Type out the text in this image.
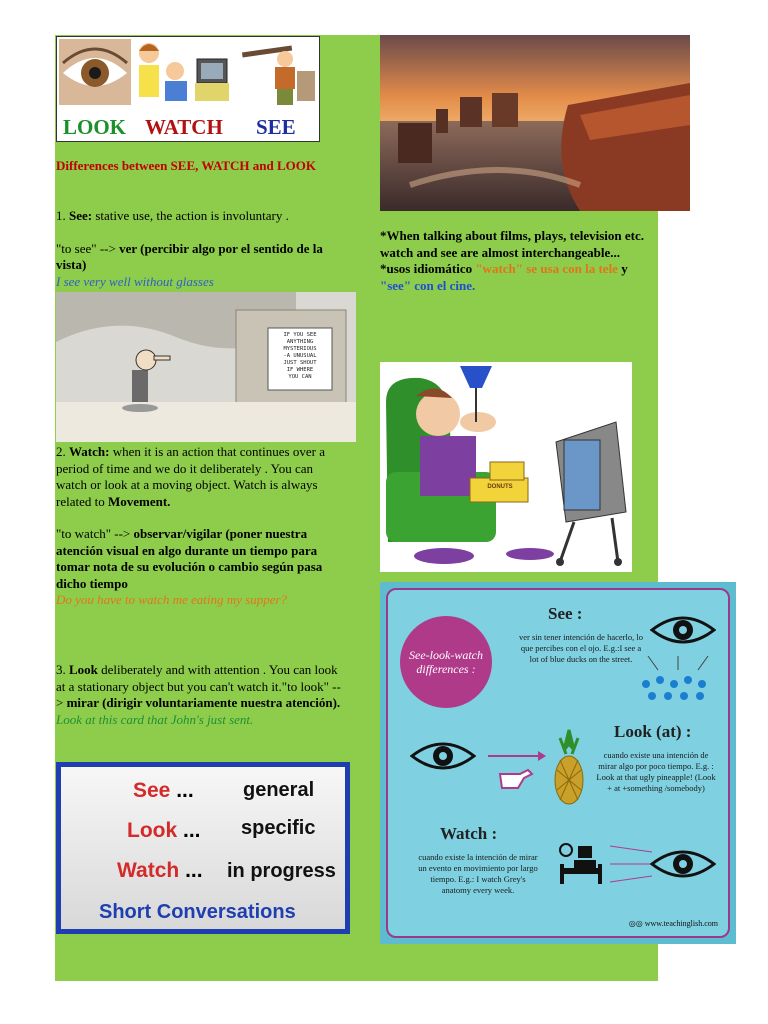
LOOK WATCH SEE
Differences between SEE, WATCH and LOOK
1. See: stative use, the action is involuntary .
"to see" --> ver (percibir algo por el sentido de la vista)
I see very well without glasses
IF YOU SEE
ANYTHING
MYSTERIOUS
-A UNUSUAL
JUST SHOUT
IF WHERE
YOU CAN
2. Watch: when it is an action that continues over a period of time and we do it deliberately . You can watch or look at a moving object. Watch is always related to Movement.
"to watch" --> observar/vigilar (poner nuestra atención visual en algo durante un tiempo para tomar nota de su evolución o cambio según pasa dicho tiempo
Do you have to watch me eating my supper?
3. Look deliberately and with attention . You can look at a stationary object but you can't watch it."to look" --> mirar (dirigir voluntariamente nuestra atención).
Look at this card that John's just sent.
See ... general
Look ... specific
Watch ... in progress
Short Conversations
*When talking about films, plays, television etc. watch and see are almost interchangeable...
*usos idiomático "watch" se usa con la tele y "see" con el cine.
DONUTS
See-look-watch differences :
See :
ver sin tener intención de hacerlo, lo que percibes con el ojo. E.g.:I see a lot of blue ducks on the street.
Look (at) :
cuando existe una intención de mirar algo por poco tiempo. E.g. : Look at that ugly pineapple! (Look + at +something /somebody)
Watch :
cuando existe la intención de mirar un evento en movimiento por largo tiempo. E.g.: I watch Grey's anatomy every week.
◎◎ www.teachinglish.com
